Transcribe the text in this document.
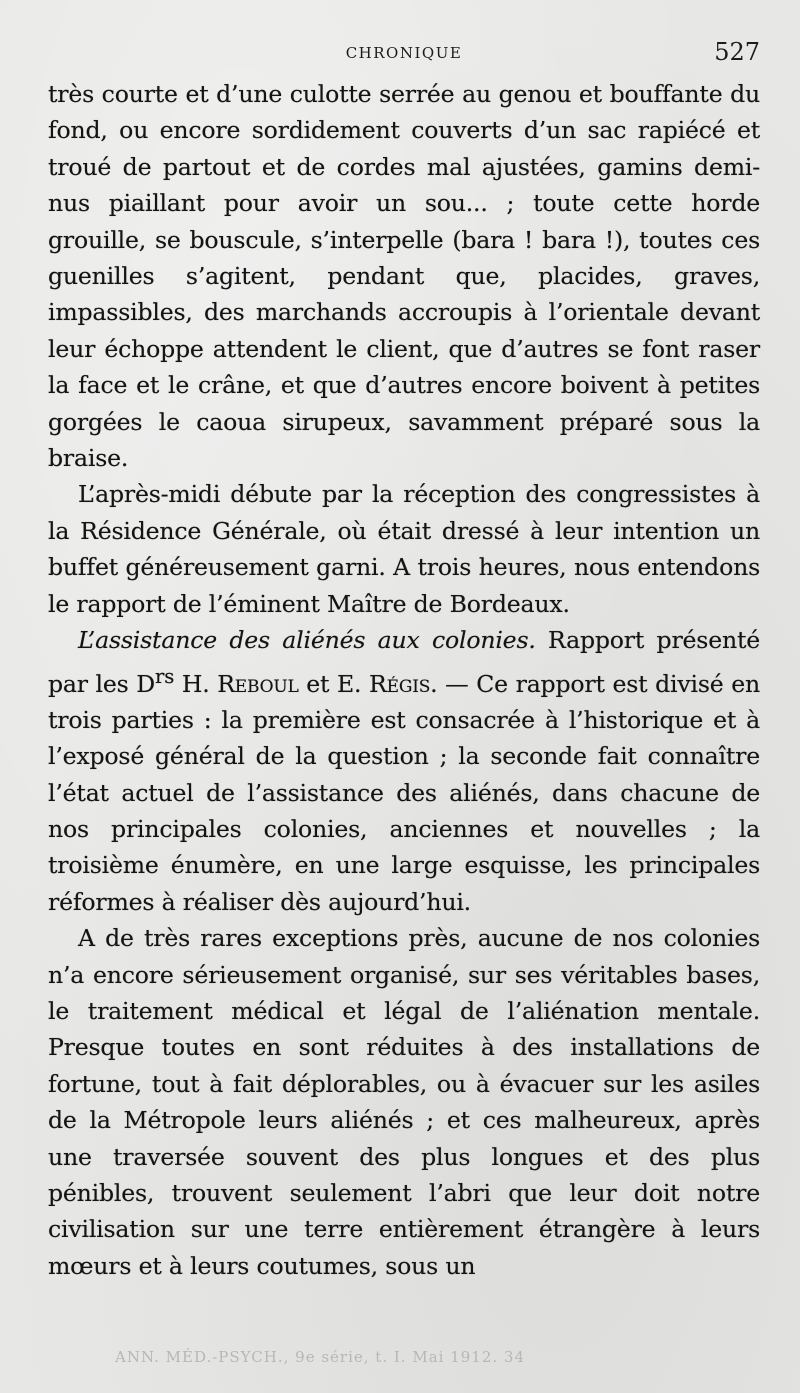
CHRONIQUE	527

très courte et d’une culotte serrée au genou et bouffante du fond, ou encore sordidement couverts d’un sac rapiécé et troué de partout et de cordes mal ajustées, gamins demi-nus piaillant pour avoir un sou... ; toute cette horde grouille, se bouscule, s’interpelle (bara ! bara !), toutes ces guenilles s’agitent, pendant que, placides, graves, impassibles, des marchands accroupis à l’orientale devant leur échoppe attendent le client, que d’autres se font raser la face et le crâne, et que d’autres encore boivent à petites gorgées le caoua sirupeux, savamment préparé sous la braise.

L’après-midi débute par la réception des congressistes à la Résidence Générale, où était dressé à leur intention un buffet généreusement garni. A trois heures, nous entendons le rapport de l’éminent Maître de Bordeaux.

L’assistance des aliénés aux colonies. Rapport présenté par les $D^{rs}$ H. Reboul et E. Régis. — Ce rapport est divisé en trois parties : la première est consacrée à l’historique et à l’exposé général de la question ; la seconde fait connaître l’état actuel de l’assistance des aliénés, dans chacune de nos principales colonies, anciennes et nouvelles ; la troisième énumère, en une large esquisse, les principales réformes à réaliser dès aujourd’hui.

A de très rares exceptions près, aucune de nos colonies n’a encore sérieusement organisé, sur ses véritables bases, le traitement médical et légal de l’aliénation mentale. Presque toutes en sont réduites à des installations de fortune, tout à fait déplorables, ou à évacuer sur les asiles de la Métropole leurs aliénés ; et ces malheureux, après une traversée souvent des plus longues et des plus pénibles, trouvent seulement l’abri que leur doit notre civilisation sur une terre entièrement étrangère à leurs mœurs et à leurs coutumes, sous un

ANN. MÉD.-PSYCH., 9e série, t. I. Mai 1912. 34
